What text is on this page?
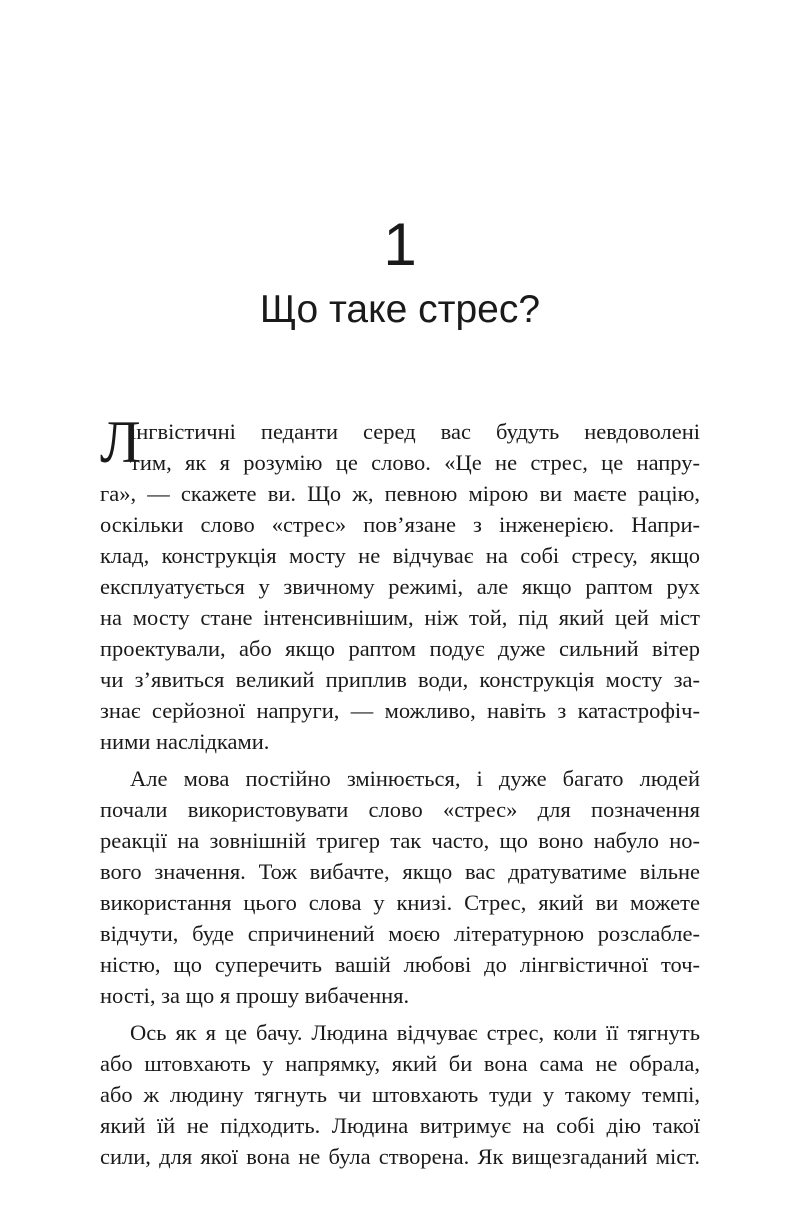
1
Що таке стрес?
Л
інгвістичні педанти серед вас будуть невдоволені
тим, як я розумію це слово. «Це не стрес, це напру-
га», — скажете ви. Що ж, певною мірою ви маєте рацію,
оскільки слово «стрес» пов’язане з інженерією. Напри-
клад, конструкція мосту не відчуває на собі стресу, якщо
експлуатується у звичному режимі, але якщо раптом рух
на мосту стане інтенсивнішим, ніж той, під який цей міст
проектували, або якщо раптом подує дуже сильний вітер
чи з’явиться великий приплив води, конструкція мосту за-
знає серйозної напруги, — можливо, навіть з катастрофіч-
ними наслідками.
Але мова постійно змінюється, і дуже багато людей
почали використовувати слово «стрес» для позначення
реакції на зовнішній тригер так часто, що воно набуло но-
вого значення. Тож вибачте, якщо вас дратуватиме вільне
використання цього слова у книзі. Стрес, який ви можете
відчути, буде спричинений моєю літературною розслабле-
ністю, що суперечить вашій любові до лінгвістичної точ-
ності, за що я прошу вибачення.
Ось як я це бачу. Людина відчуває стрес, коли її тягнуть
або штовхають у напрямку, який би вона сама не обрала,
або ж людину тягнуть чи штовхають туди у такому темпі,
який їй не підходить. Людина витримує на собі дію такої
сили, для якої вона не була створена. Як вищезгаданий міст.
